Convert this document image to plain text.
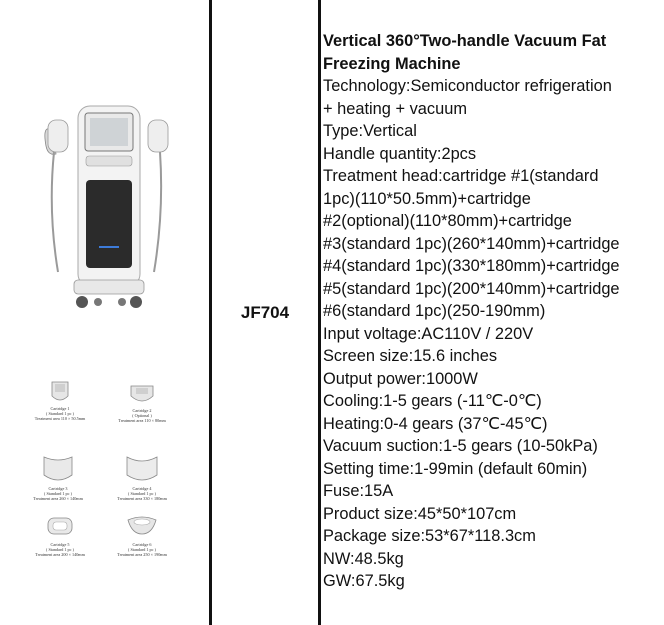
Cartridge 1
( Standard 1 pc )
Treatment area 110 × 50.5mm
Cartridge 2
( Optional )
Treatment area 110 × 80mm
Cartridge 3
( Standard 1 pc )
Treatment area 260 × 140mm
Cartridge 4
( Standard 1 pc )
Treatment area 330 × 180mm
Cartridge 5
( Standard 1 pc )
Treatment area 200 × 140mm
Cartridge 6
( Standard 1 pc )
Treatment area 250 × 190mm
JF704
Vertical 360°Two-handle Vacuum Fat
Freezing Machine
Technology:Semiconductor refrigeration
+ heating + vacuum
Type:Vertical
Handle quantity:2pcs
Treatment head:cartridge #1(standard
1pc)(110*50.5mm)+cartridge
#2(optional)(110*80mm)+cartridge
#3(standard 1pc)(260*140mm)+cartridge
#4(standard 1pc)(330*180mm)+cartridge
#5(standard 1pc)(200*140mm)+cartridge
#6(standard 1pc)(250-190mm)
Input voltage:AC110V / 220V
Screen size:15.6 inches
Output power:1000W
Cooling:1-5 gears (-11℃-0℃)
Heating:0-4 gears (37℃-45℃)
Vacuum suction:1-5 gears (10-50kPa)
Setting time:1-99min (default 60min)
Fuse:15A
Product size:45*50*107cm
Package size:53*67*118.3cm
NW:48.5kg
GW:67.5kg
